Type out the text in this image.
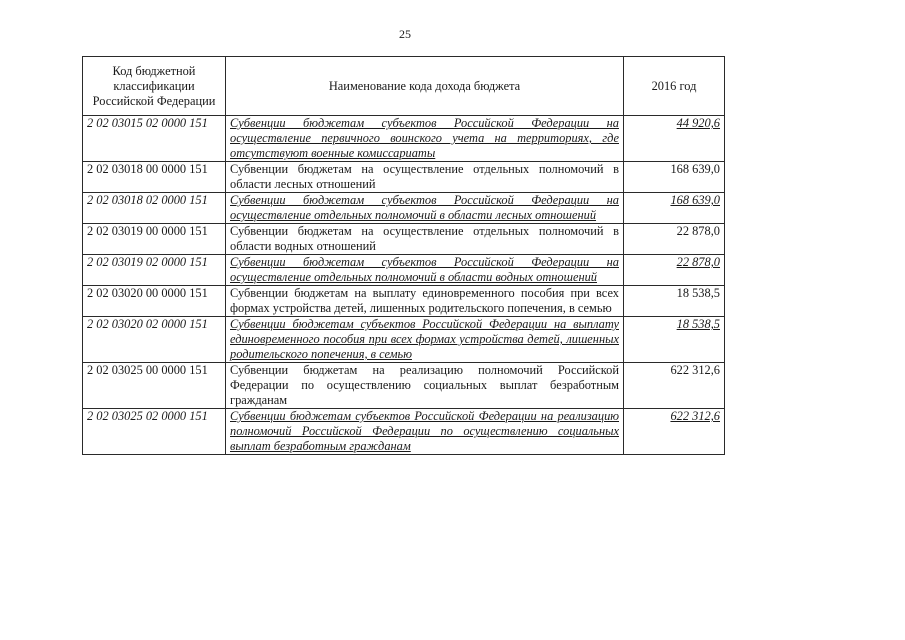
25
Код бюджетной классификации Российской Федерации	Наименование кода дохода бюджета	2016 год
2 02 03015 02 0000 151	Субвенции бюджетам субъектов Российской Федерации на осуществление первичного воинского учета на территориях, где отсутствуют военные комиссариаты	44 920,6
2 02 03018 00 0000 151	Субвенции бюджетам на осуществление отдельных полномочий в области лесных отношений	168 639,0
2 02 03018 02 0000 151	Субвенции бюджетам субъектов Российской Федерации на осуществление отдельных полномочий в области лесных отношений	168 639,0
2 02 03019 00 0000 151	Субвенции бюджетам на осуществление отдельных полномочий в области водных отношений	22 878,0
2 02 03019 02 0000 151	Субвенции бюджетам субъектов Российской Федерации на осуществление отдельных полномочий в области водных отношений	22 878,0
2 02 03020 00 0000 151	Субвенции бюджетам на выплату единовременного пособия при всех формах устройства детей, лишенных родительского попечения, в семью	18 538,5
2 02 03020 02 0000 151	Субвенции бюджетам субъектов Российской Федерации на выплату единовременного пособия при всех формах устройства детей, лишенных родительского попечения, в семью	18 538,5
2 02 03025 00 0000 151	Субвенции бюджетам на реализацию полномочий Российской Федерации по осуществлению социальных выплат безработным гражданам	622 312,6
2 02 03025 02 0000 151	Субвенции бюджетам субъектов Российской Федерации на реализацию полномочий Российской Федерации по осуществлению социальных выплат безработным гражданам	622 312,6
